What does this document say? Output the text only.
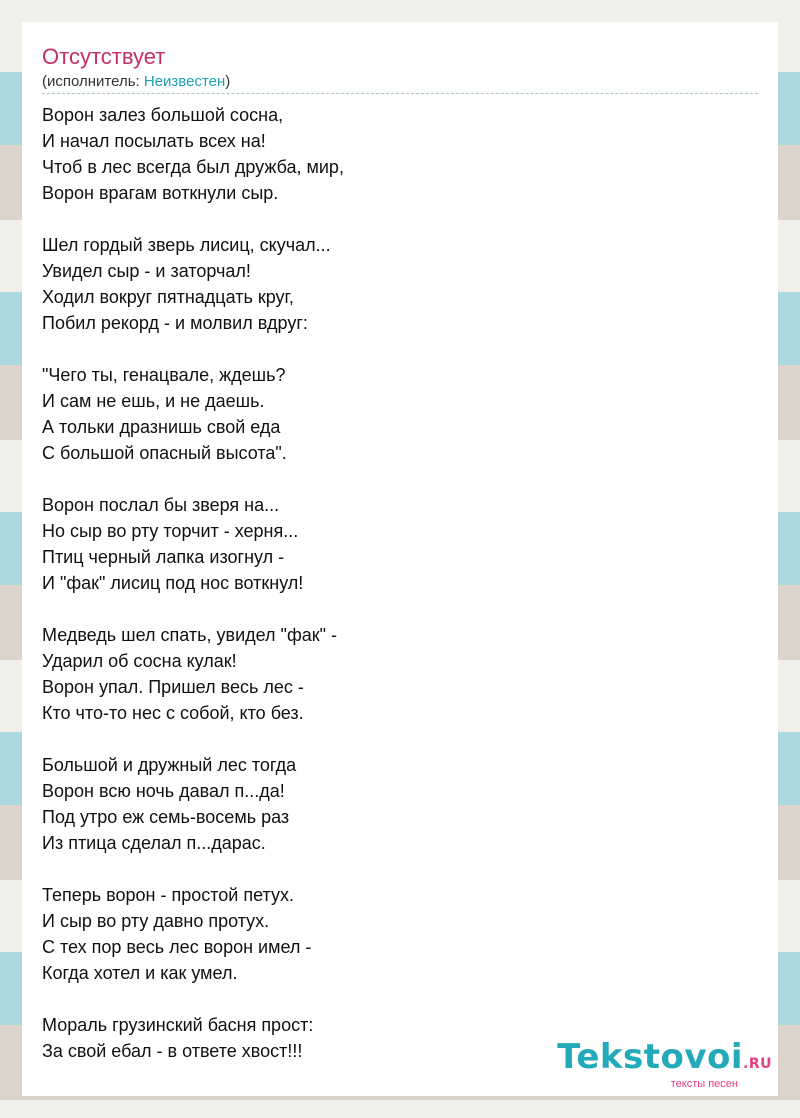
Отсутствует
(исполнитель: Неизвестен)
Ворон залез большой сосна,
И начал посылать всех на!
Чтоб в лес всегда был дружба, мир,
Ворон врагам воткнули сыр.
Шел гордый зверь лисиц, скучал...
Увидел сыр - и заторчал!
Ходил вокруг пятнадцать круг,
Побил рекорд - и молвил вдруг:
"Чего ты, генацвале, ждешь?
И сам не ешь, и не даешь.
А тольки дразнишь свой еда
С большой опасный высота".
Ворон послал бы зверя на...
Но сыр во рту торчит - херня...
Птиц черный лапка изогнул -
И "фак" лисиц под нос воткнул!
Медведь шел спать, увидел "фак" -
Ударил об сосна кулак!
Ворон упал. Пришел весь лес -
Кто что-то нес с собой, кто без.
Большой и дружный лес тогда
Ворон всю ночь давал п...да!
Под утро еж семь-восемь раз
Из птица сделал п...дарас.
Теперь ворон - простой петух.
И сыр во рту давно протух.
С тех пор весь лес ворон имел -
Когда хотел и как умел.
Мораль грузинский басня прост:
За свой ебал - в ответе хвост!!!	Tekstovoi.RU
тексты песен
